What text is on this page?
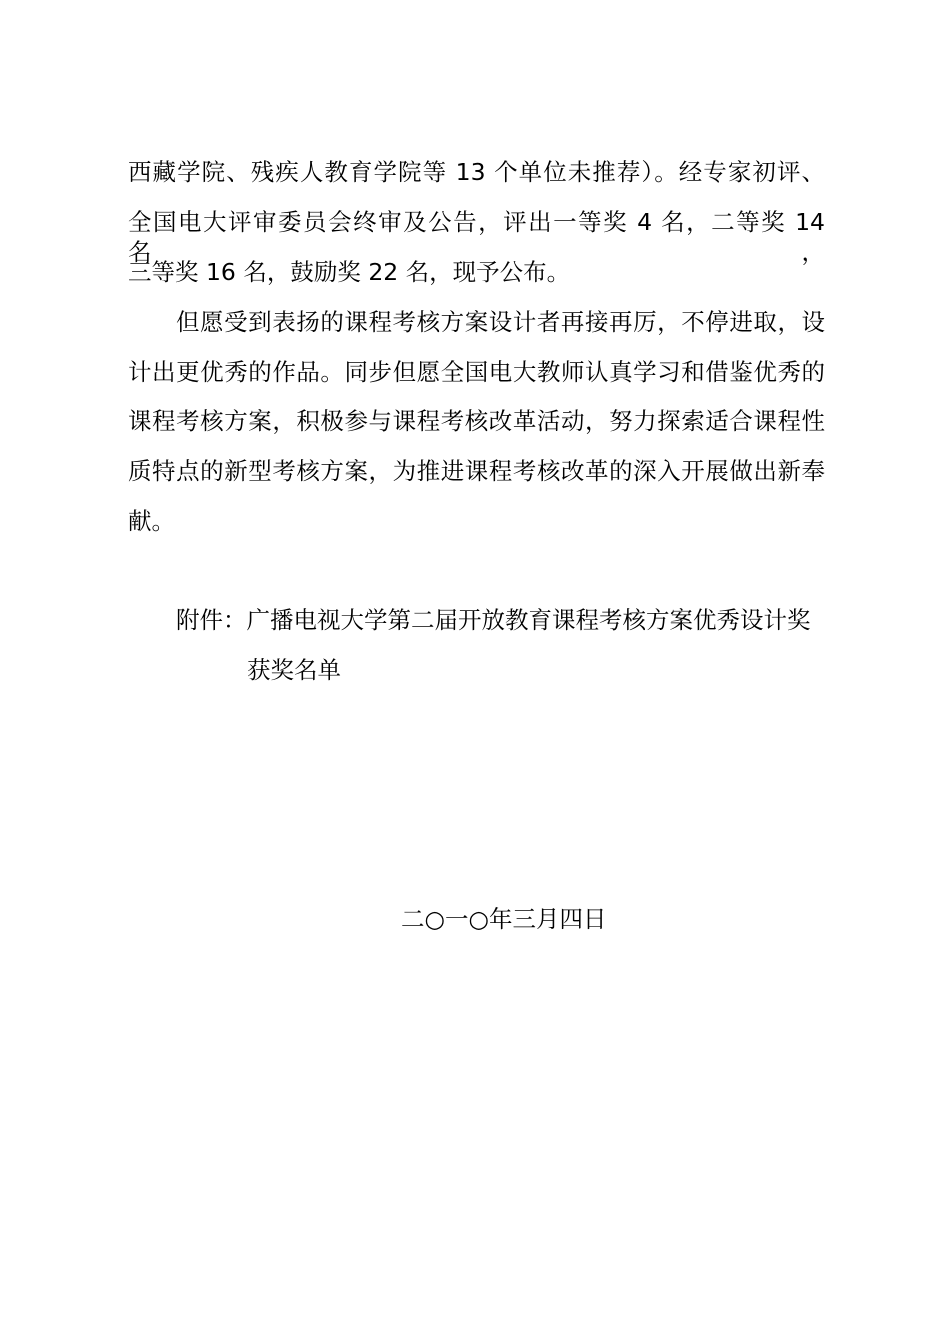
西藏学院、残疾人教育学院等 13 个单位未推荐）。经专家初评、
全国电大评审委员会终审及公告，评出一等奖 4 名，二等奖 14 名，
三等奖 16 名，鼓励奖 22 名，现予公布。
但愿受到表扬的课程考核方案设计者再接再厉，不停进取，设
计出更优秀的作品。同步但愿全国电大教师认真学习和借鉴优秀的
课程考核方案，积极参与课程考核改革活动，努力探索适合课程性
质特点的新型考核方案，为推进课程考核改革的深入开展做出新奉
献。
附件：广播电视大学第二届开放教育课程考核方案优秀设计奖
获奖名单
二○一○年三月四日
